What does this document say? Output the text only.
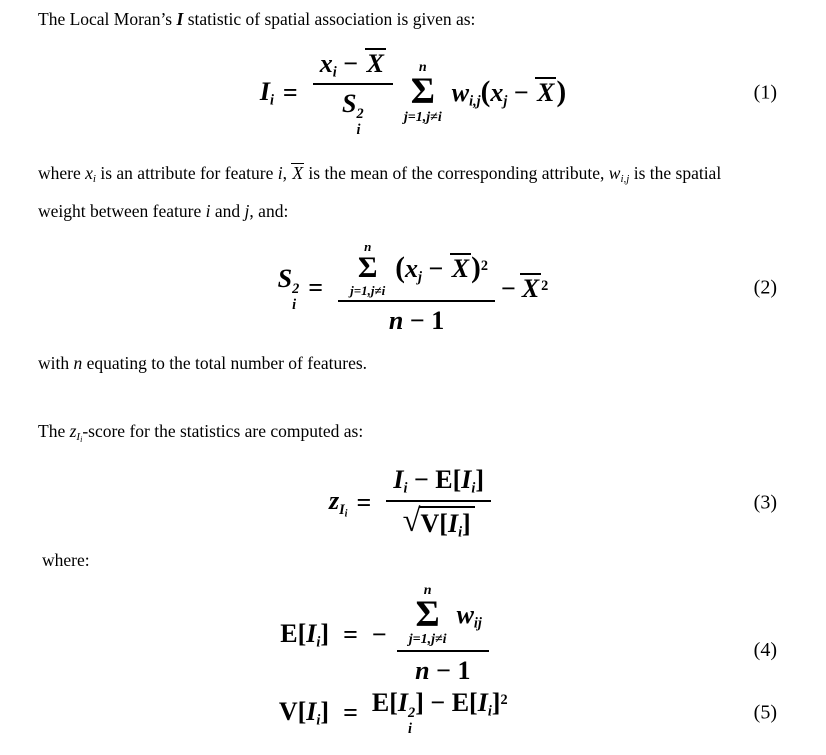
The Local Moran’s I statistic of spatial association is given as:

Ii = xi − X
S 2
i n
Σ
j=1,j≠i
wi,j(xj − X)	(1)

where xi is an attribute for feature i, X is the mean of the corresponding attribute, wi,j is the spatial

weight between feature i and j, and:

S 2
i
= n
Σ
j=1,j≠i
(xj − X)$^2$
n − 1 − X $^2$	(2)

with n equating to the total number of features.

The zIi-score for the statistics are computed as:

zIi = $\frac{Ii - E[Ii]}{√ V[Ii]}$	(3)

where:

E[Ii] = − n
Σ
j=1,j≠i
wij
n − 1	(4)
V[Ii] = E[I 2
i
] − $E[Ii]^2$
(5)
